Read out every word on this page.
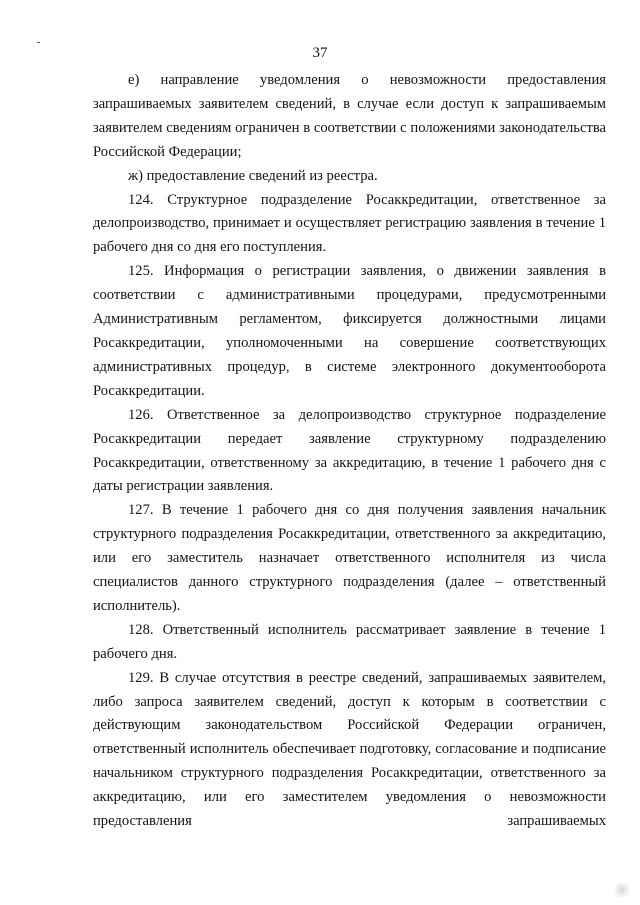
37

е) направление уведомления о невозможности предоставления запрашиваемых заявителем сведений, в случае если доступ к запрашиваемым заявителем сведениям ограничен в соответствии с положениями законодательства Российской Федерации;

ж) предоставление сведений из реестра.

124. Структурное подразделение Росаккредитации, ответственное за делопроизводство, принимает и осуществляет регистрацию заявления в течение 1 рабочего дня со дня его поступления.

125. Информация о регистрации заявления, о движении заявления в соответствии с административными процедурами, предусмотренными Административным регламентом, фиксируется должностными лицами Росаккредитации, уполномоченными на совершение соответствующих административных процедур, в системе электронного документооборота Росаккредитации.

126. Ответственное за делопроизводство структурное подразделение Росаккредитации передает заявление структурному подразделению Росаккредитации, ответственному за аккредитацию, в течение 1 рабочего дня с даты регистрации заявления.

127. В течение 1 рабочего дня со дня получения заявления начальник структурного подразделения Росаккредитации, ответственного за аккредитацию, или его заместитель назначает ответственного исполнителя из числа специалистов данного структурного подразделения (далее – ответственный исполнитель).

128. Ответственный исполнитель рассматривает заявление в течение 1 рабочего дня.

129. В случае отсутствия в реестре сведений, запрашиваемых заявителем, либо запроса заявителем сведений, доступ к которым в соответствии с действующим законодательством Российской Федерации ограничен, ответственный исполнитель обеспечивает подготовку, согласование и подписание начальником структурного подразделения Росаккредитации, ответственного за аккредитацию, или его заместителем уведомления о невозможности предоставления запрашиваемых
